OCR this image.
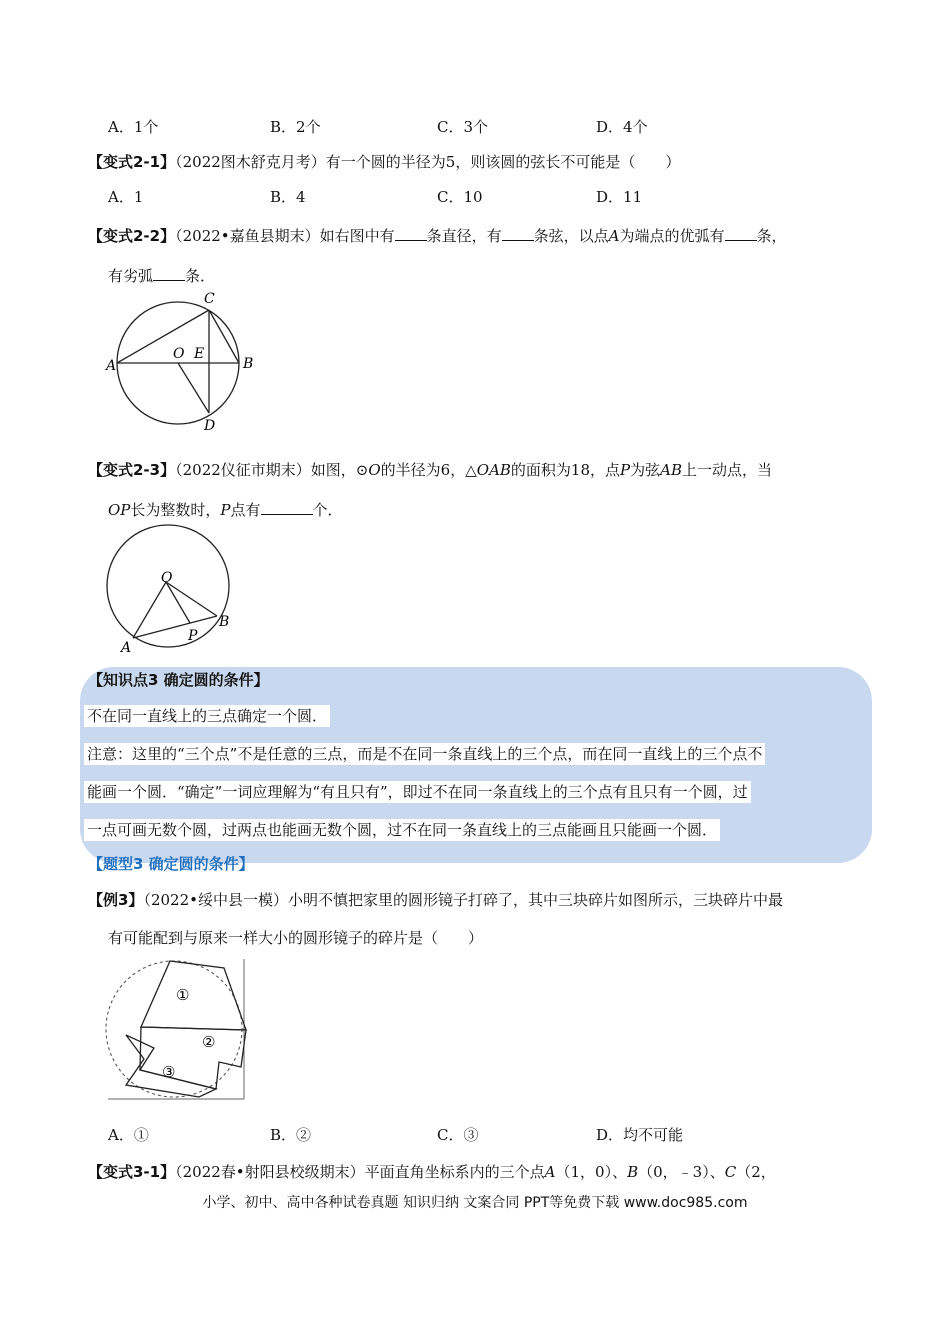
A．1个	B．2个	C．3个	D．4个
【变式2-1】（2022图木舒克月考）有一个圆的半径为5，则该圆的弦长不可能是（　　）
A．1	B．4	C．10	D．11
【变式2-2】（2022•嘉鱼县期末）如右图中有 条直径，有 条弦，以点A为端点的优弧有 条，
有劣弧 条．
A
O E
B
C
D
【变式2-3】（2022仪征市期末）如图，⊙O的半径为6，△OAB的面积为18，点P为弦AB上一动点，当
OP长为整数时，P点有	个．
O
A
B
P
【知识点3 确定圆的条件】
不在同一直线上的三点确定一个圆．
注意：这里的“三个点”不是任意的三点，而是不在同一条直线上的三个点，而在同一直线上的三个点不
能画一个圆．“确定”一词应理解为“有且只有”，即过不在同一条直线上的三个点有且只有一个圆，过
一点可画无数个圆，过两点也能画无数个圆，过不在同一条直线上的三点能画且只能画一个圆．
【题型3 确定圆的条件】
【例3】（2022•绥中县一模）小明不慎把家里的圆形镜子打碎了，其中三块碎片如图所示，三块碎片中最
有可能配到与原来一样大小的圆形镜子的碎片是（　　）
①
②
③
A．①	B．②	C．③	D．均不可能
【变式3-1】（2022春•射阳县校级期末）平面直角坐标系内的三个点A（1，0）、B（0，﹣3）、C（2，
小学、初中、高中各种试卷真题 知识归纳 文案合同 PPT等免费下载 www.doc985.com
